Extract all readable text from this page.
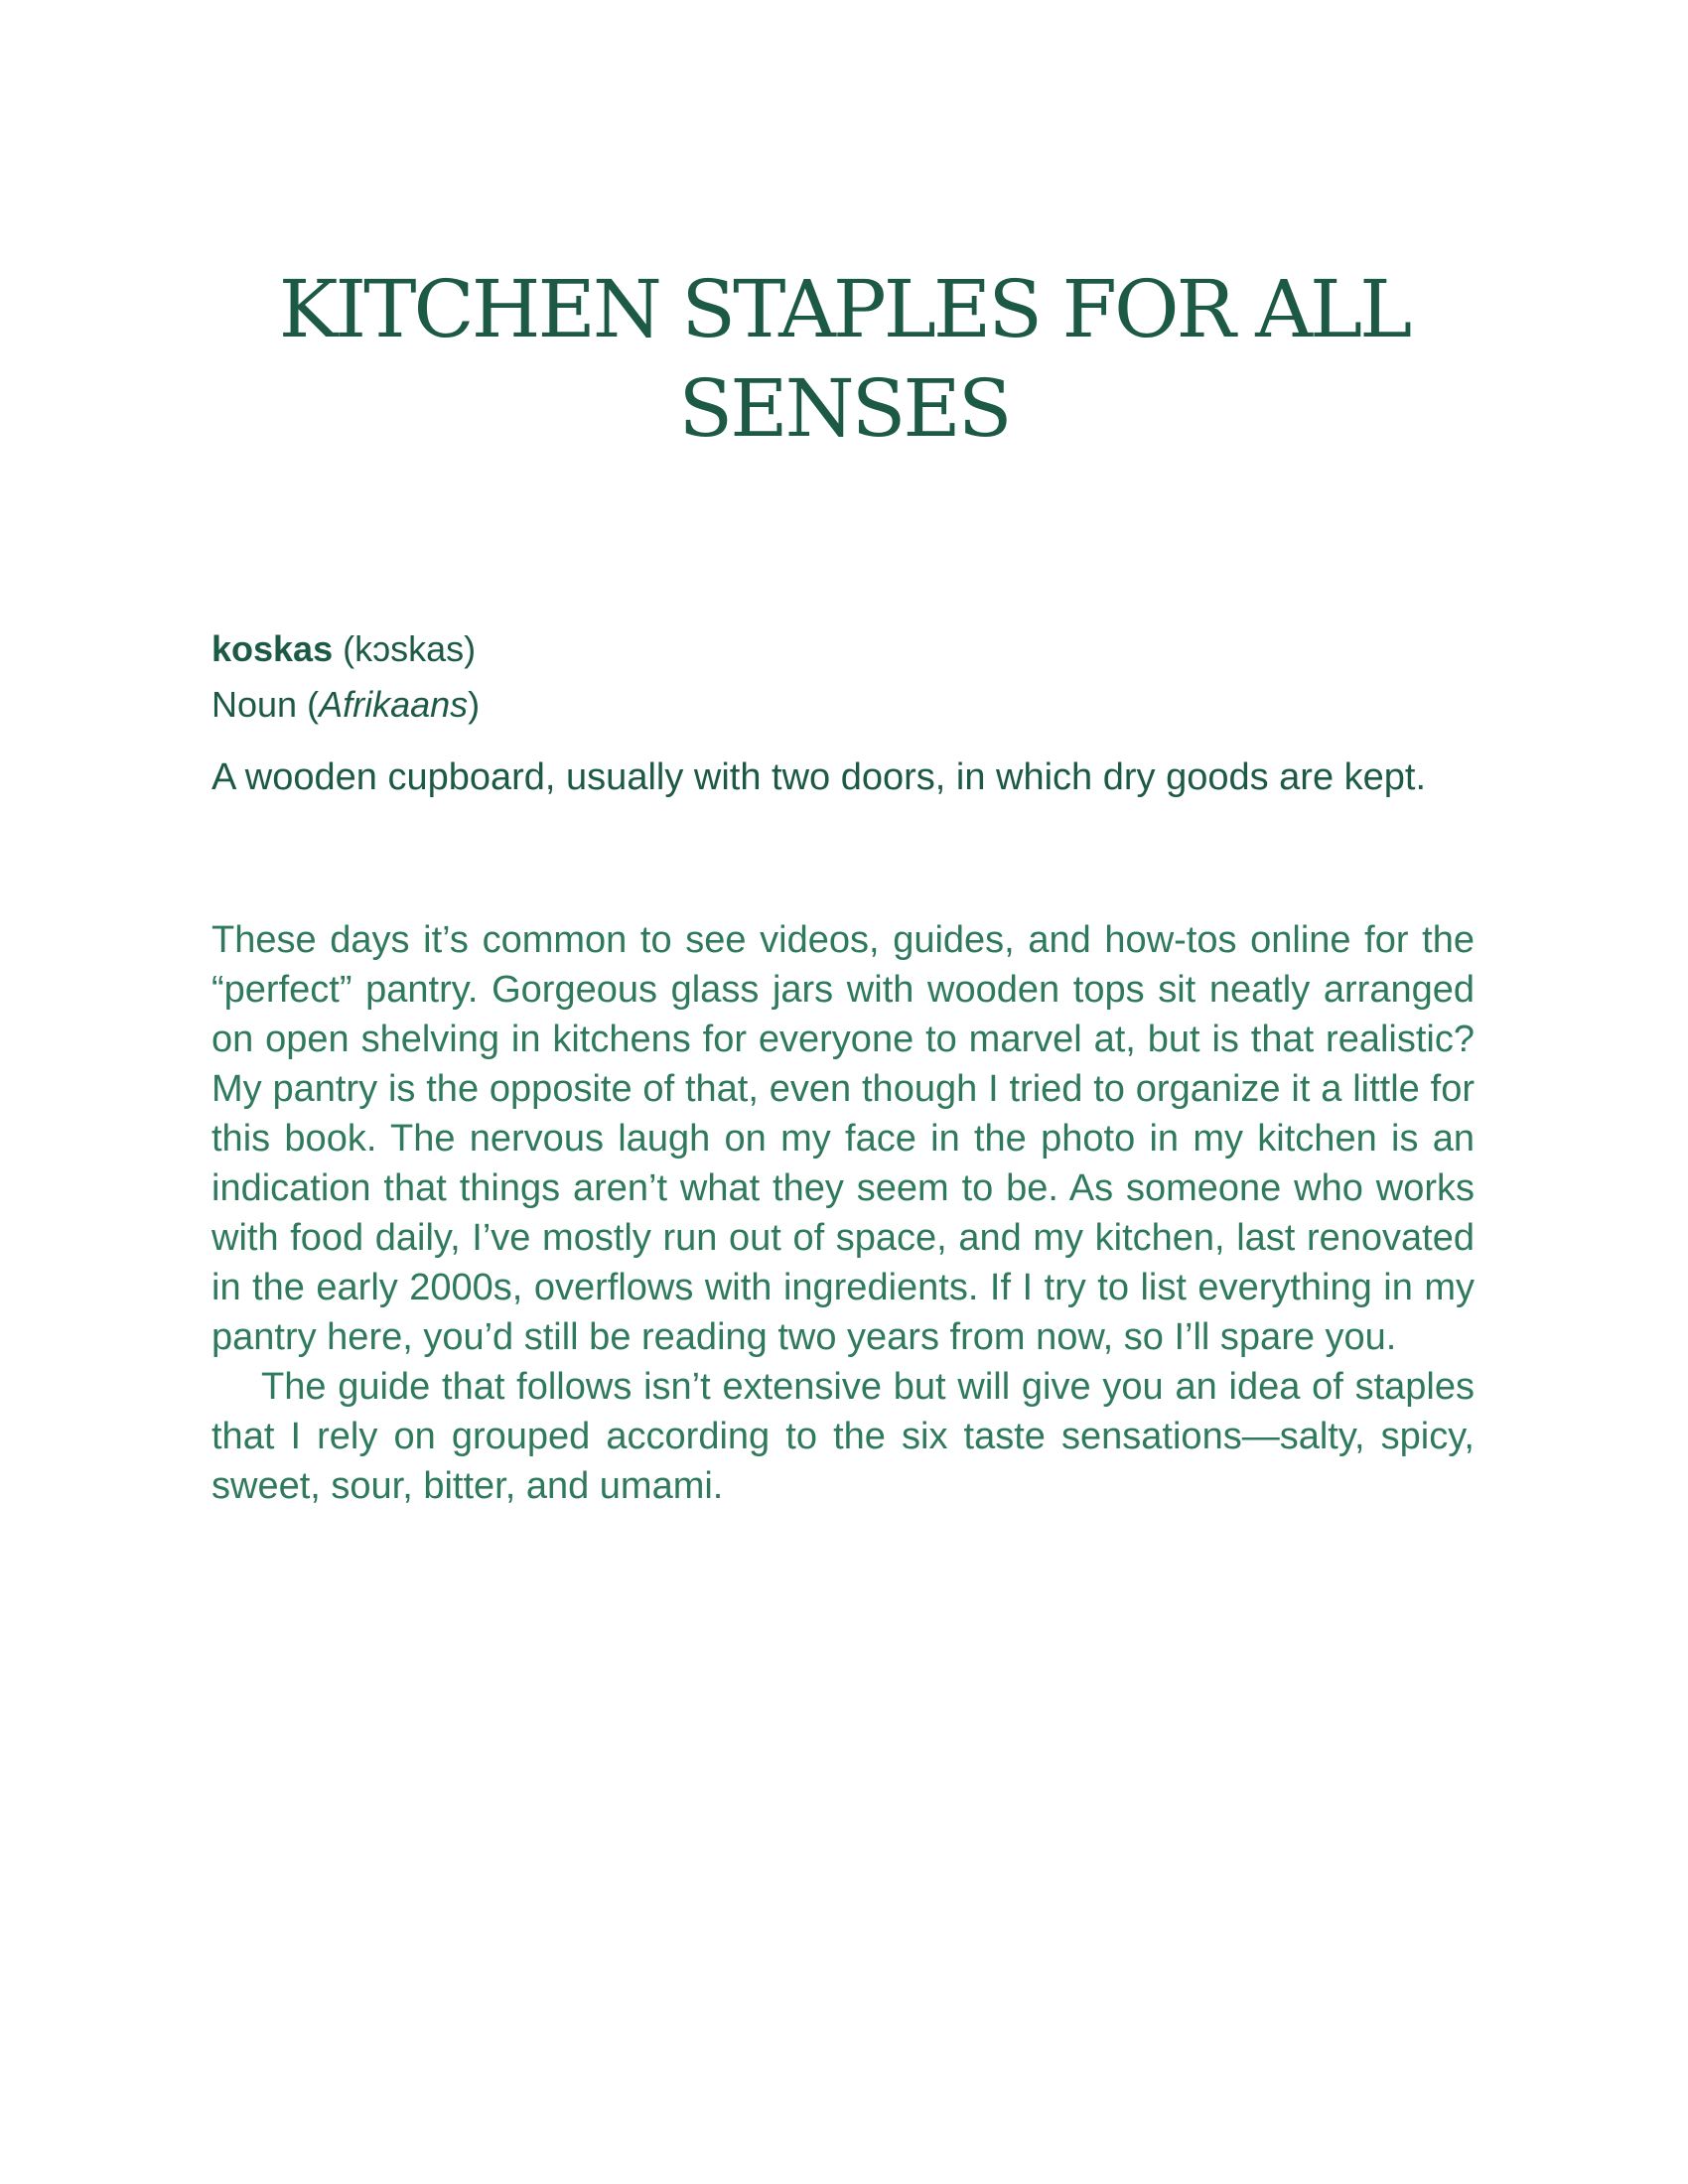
KITCHEN STAPLES FOR ALL
SENSES

koskas (kɔskas)

Noun (Afrikaans)

A wooden cupboard, usually with two doors, in which dry goods are kept.

These days it’s common to see videos, guides, and how-tos online for the “perfect” pantry. Gorgeous glass jars with wooden tops sit neatly arranged on open shelving in kitchens for everyone to marvel at, but is that realistic? My pantry is the opposite of that, even though I tried to organize it a little for this book. The nervous laugh on my face in the photo in my kitchen is an indication that things aren’t what they seem to be. As someone who works with food daily, I’ve mostly run out of space, and my kitchen, last renovated in the early 2000s, overflows with ingredients. If I try to list everything in my pantry here, you’d still be reading two years from now, so I’ll spare you.

The guide that follows isn’t extensive but will give you an idea of staples that I rely on grouped according to the six taste sensations—salty, spicy, sweet, sour, bitter, and umami.
